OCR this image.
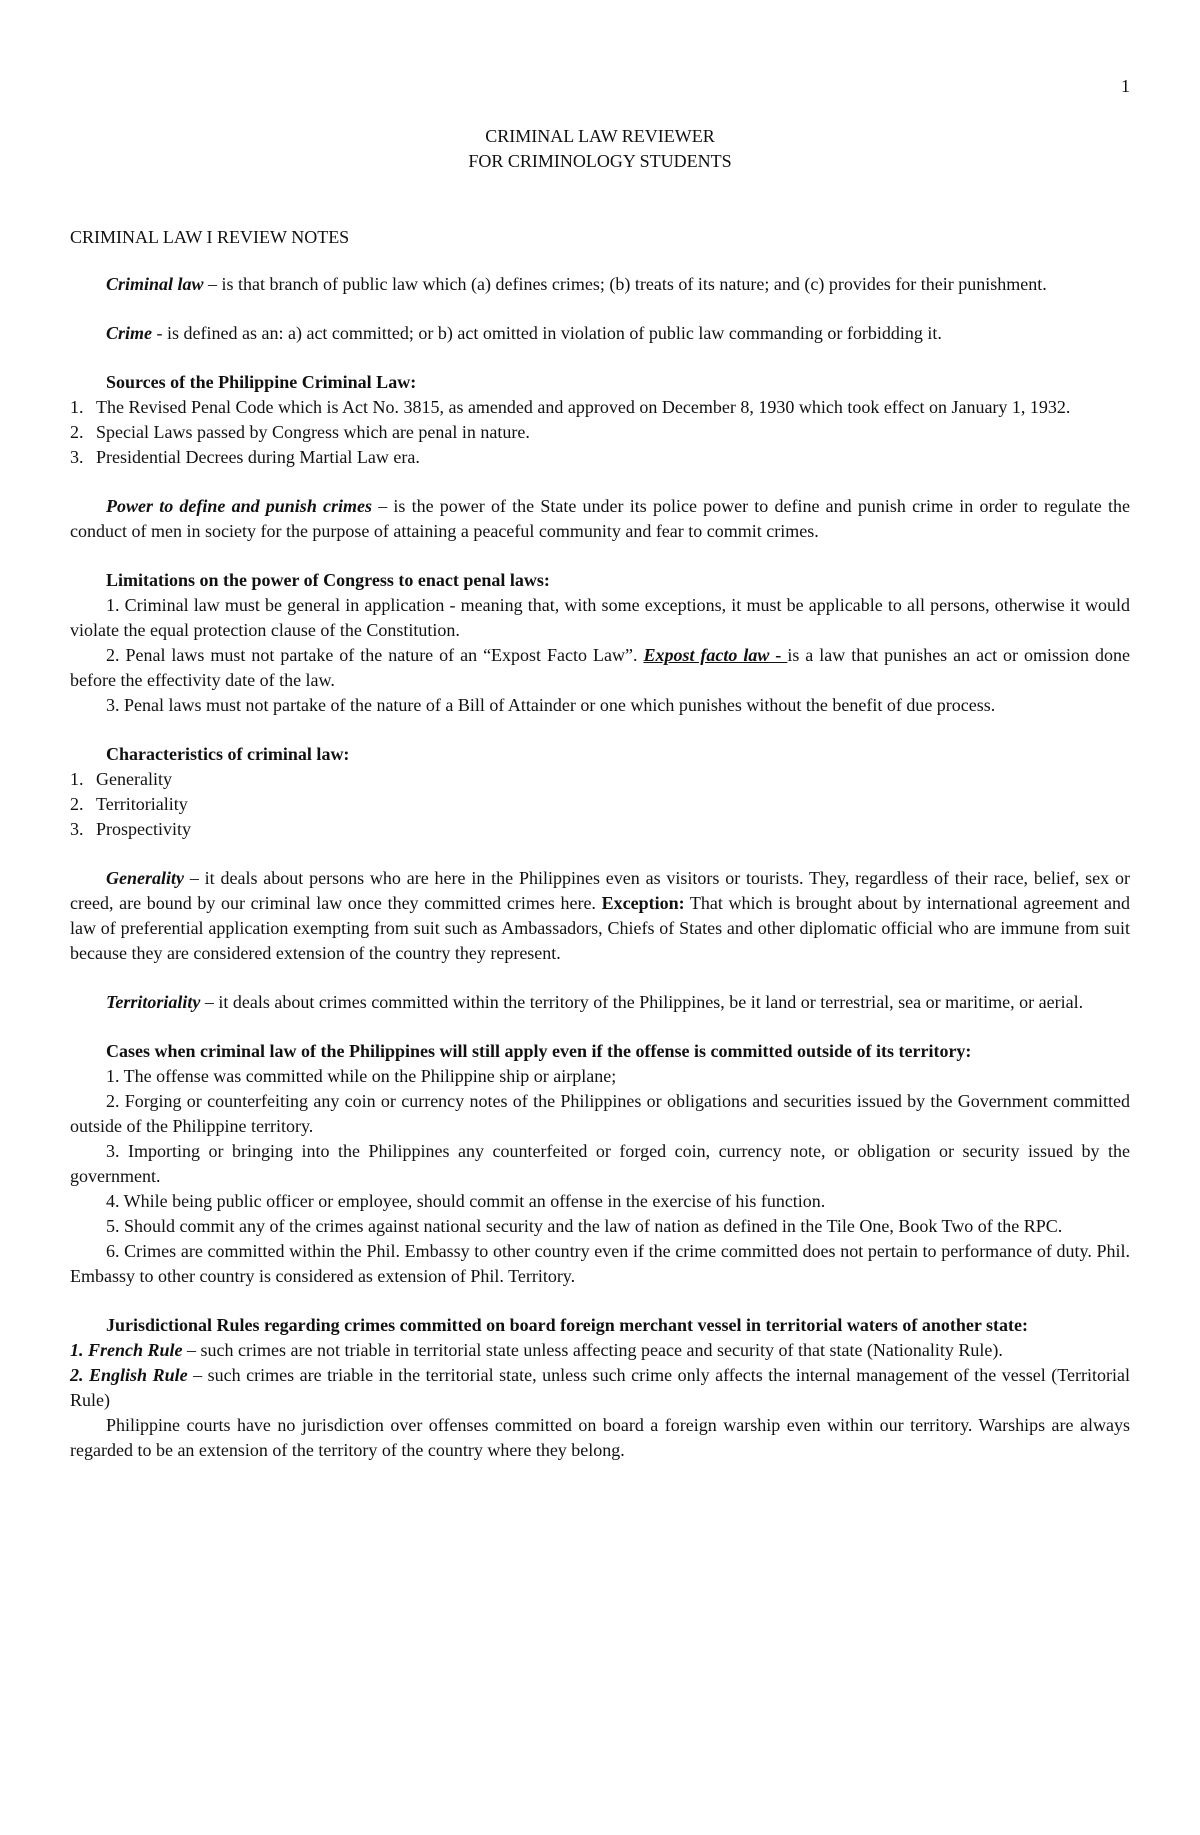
1
CRIMINAL LAW REVIEWER
FOR CRIMINOLOGY STUDENTS
CRIMINAL LAW I REVIEW NOTES

Criminal law – is that branch of public law which (a) defines crimes; (b) treats of its nature; and (c) provides for their punishment.

Crime - is defined as an: a) act committed; or b) act omitted in violation of public law commanding or forbidding it.

Sources of the Philippine Criminal Law:

1. The Revised Penal Code which is Act No. 3815, as amended and approved on December 8, 1930 which took effect on January 1, 1932.
2. Special Laws passed by Congress which are penal in nature.
3. Presidential Decrees during Martial Law era.

Power to define and punish crimes – is the power of the State under its police power to define and punish crime in order to regulate the conduct of men in society for the purpose of attaining a peaceful community and fear to commit crimes.

Limitations on the power of Congress to enact penal laws:

1. Criminal law must be general in application - meaning that, with some exceptions, it must be applicable to all persons, otherwise it would violate the equal protection clause of the Constitution.

2. Penal laws must not partake of the nature of an “Expost Facto Law”. Expost facto law - is a law that punishes an act or omission done before the effectivity date of the law.

3. Penal laws must not partake of the nature of a Bill of Attainder or one which punishes without the benefit of due process.

Characteristics of criminal law:

1. Generality
2. Territoriality
3. Prospectivity

Generality – it deals about persons who are here in the Philippines even as visitors or tourists. They, regardless of their race, belief, sex or creed, are bound by our criminal law once they committed crimes here. Exception: That which is brought about by international agreement and law of preferential application exempting from suit such as Ambassadors, Chiefs of States and other diplomatic official who are immune from suit because they are considered extension of the country they represent.

Territoriality – it deals about crimes committed within the territory of the Philippines, be it land or terrestrial, sea or maritime, or aerial.

Cases when criminal law of the Philippines will still apply even if the offense is committed outside of its territory:

1. The offense was committed while on the Philippine ship or airplane;

2. Forging or counterfeiting any coin or currency notes of the Philippines or obligations and securities issued by the Government committed outside of the Philippine territory.

3. Importing or bringing into the Philippines any counterfeited or forged coin, currency note, or obligation or security issued by the government.

4. While being public officer or employee, should commit an offense in the exercise of his function.

5. Should commit any of the crimes against national security and the law of nation as defined in the Tile One, Book Two of the RPC.

6. Crimes are committed within the Phil. Embassy to other country even if the crime committed does not pertain to performance of duty. Phil. Embassy to other country is considered as extension of Phil. Territory.

Jurisdictional Rules regarding crimes committed on board foreign merchant vessel in territorial waters of another state:

1. French Rule – such crimes are not triable in territorial state unless affecting peace and security of that state (Nationality Rule).

2. English Rule – such crimes are triable in the territorial state, unless such crime only affects the internal management of the vessel (Territorial Rule)

Philippine courts have no jurisdiction over offenses committed on board a foreign warship even within our territory. Warships are always regarded to be an extension of the territory of the country where they belong.
